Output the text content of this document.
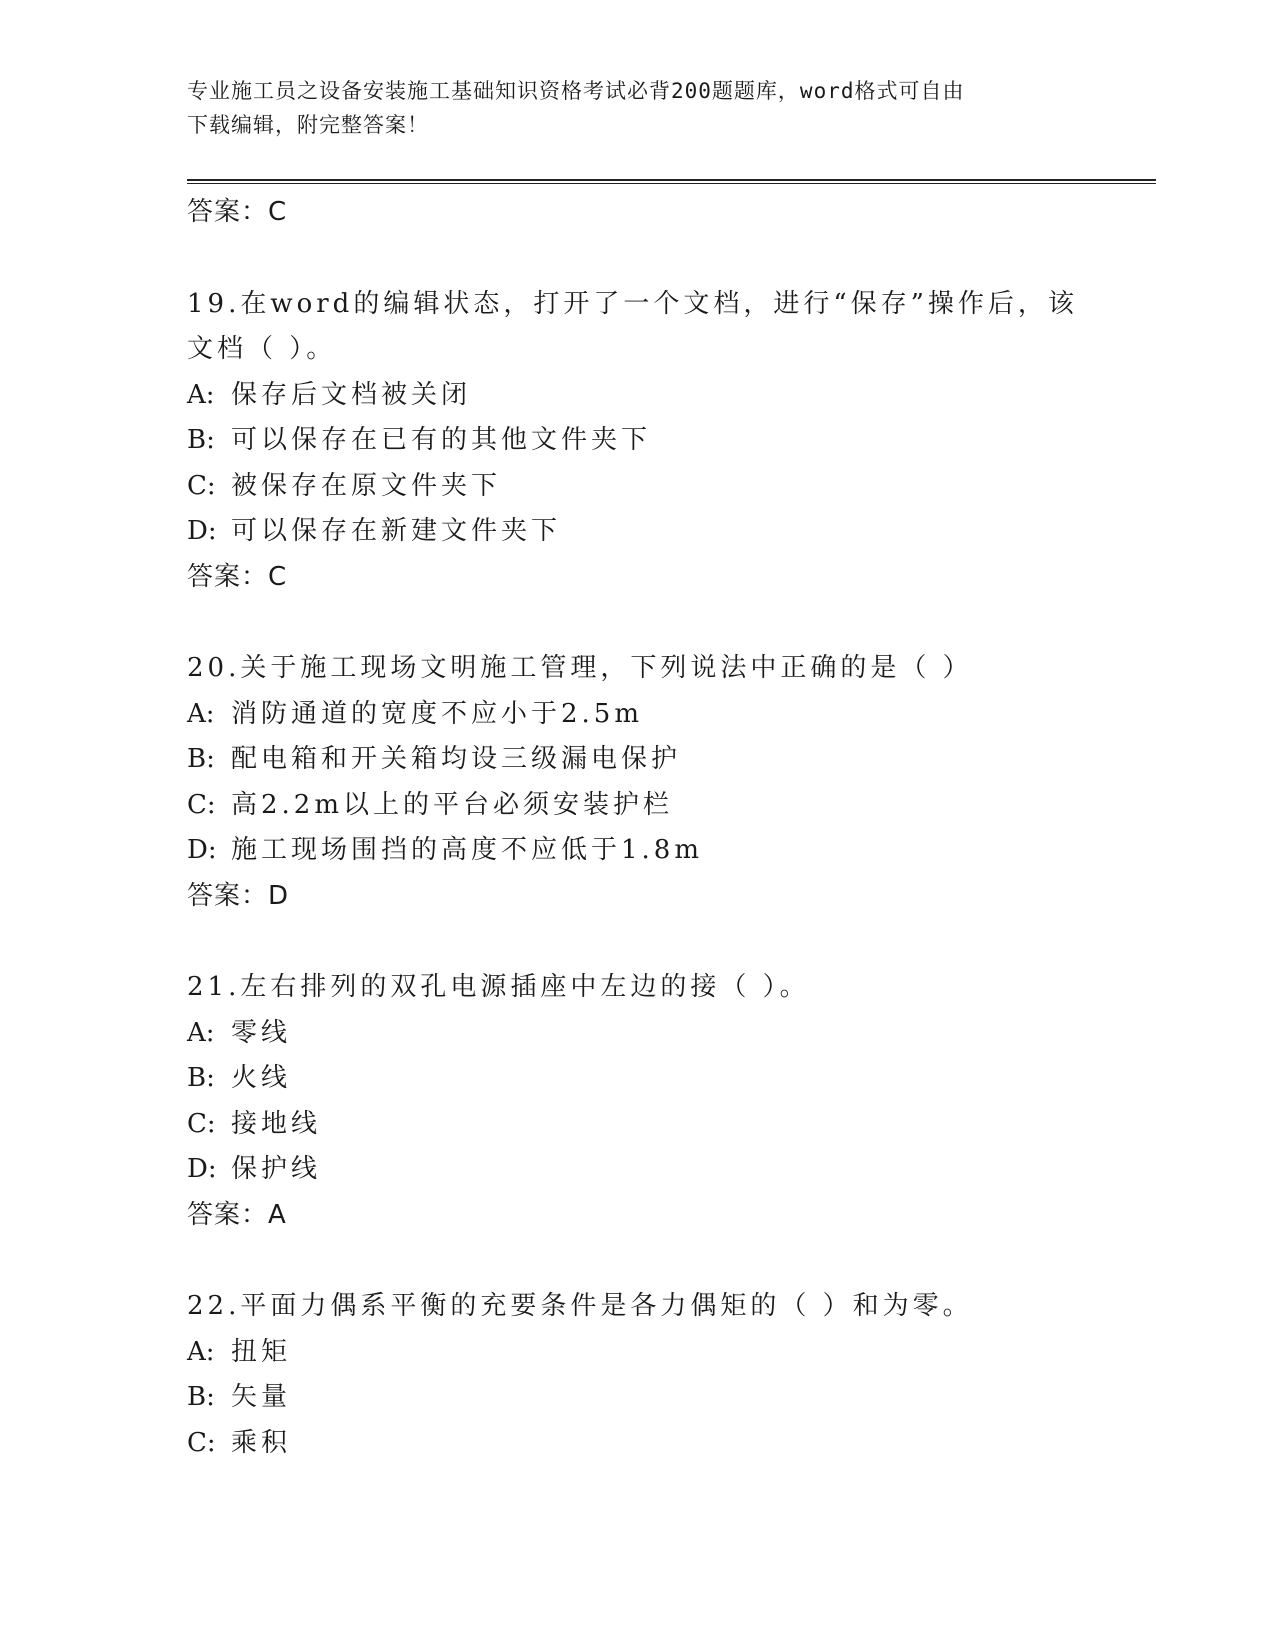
专业施工员之设备安装施工基础知识资格考试必背200题题库，word格式可自由
下载编辑，附完整答案！
答案：C
19.在word的编辑状态，打开了一个文档，进行“保存”操作后，该
文档（ ）。
A: 保存后文档被关闭
B: 可以保存在已有的其他文件夹下
C: 被保存在原文件夹下
D: 可以保存在新建文件夹下
答案：C
20.关于施工现场文明施工管理，下列说法中正确的是（ ）
A: 消防通道的宽度不应小于2.5m
B: 配电箱和开关箱均设三级漏电保护
C: 高2.2m以上的平台必须安装护栏
D: 施工现场围挡的高度不应低于1.8m
答案：D
21.左右排列的双孔电源插座中左边的接（ ）。
A: 零线
B: 火线
C: 接地线
D: 保护线
答案：A
22.平面力偶系平衡的充要条件是各力偶矩的（ ）和为零。
A: 扭矩
B: 矢量
C: 乘积
